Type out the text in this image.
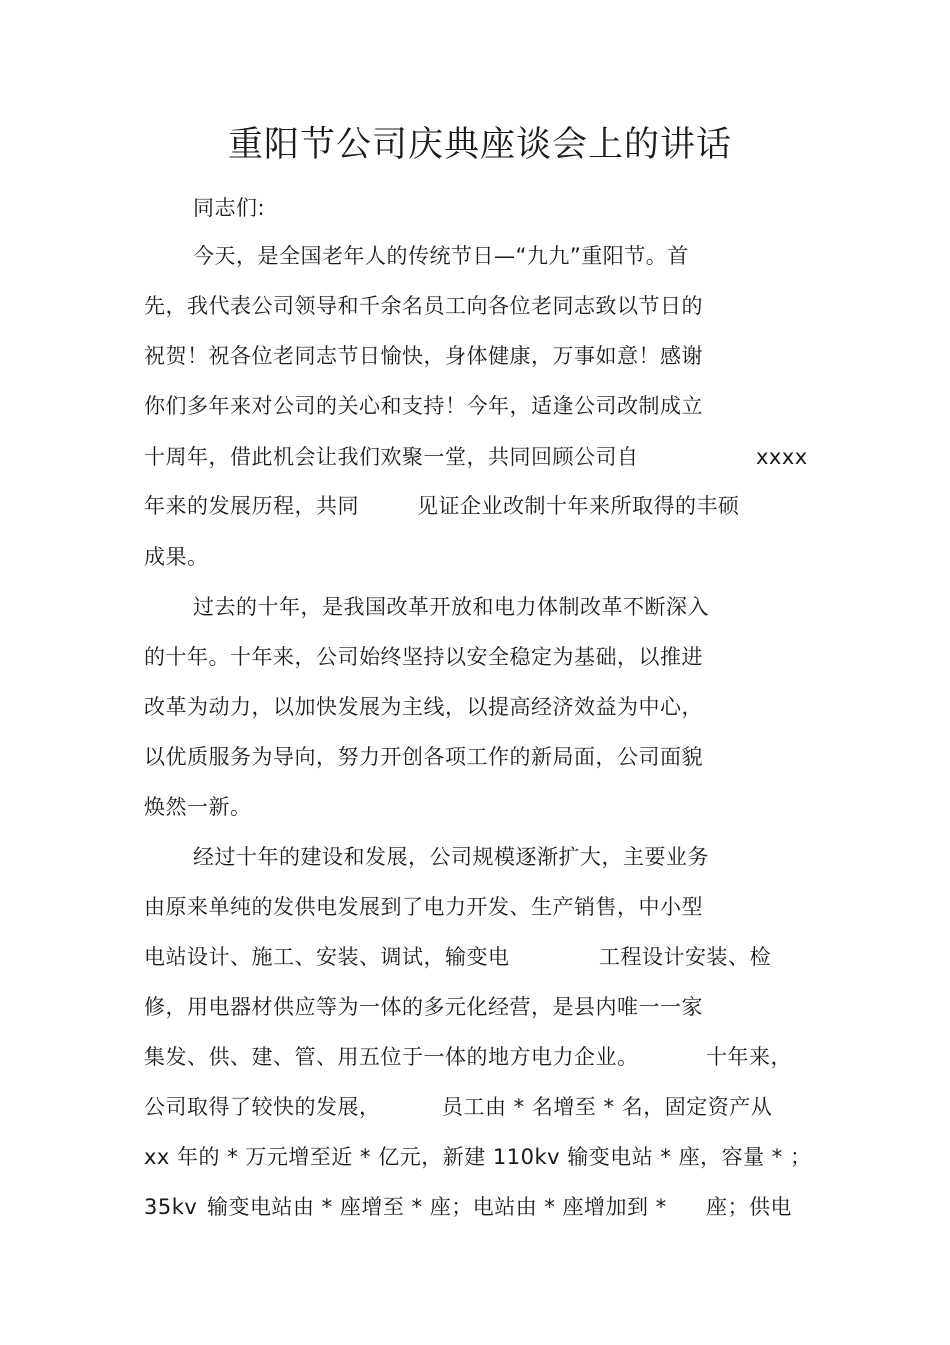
重阳节公司庆典座谈会上的讲话
同志们:
今天，是全国老年人的传统节日—“九九”重阳节。首
先，我代表公司领导和千余名员工向各位老同志致以节日的
祝贺！祝各位老同志节日愉快，身体健康，万事如意！感谢
你们多年来对公司的关心和支持！今年，适逢公司改制成立
十周年，借此机会让我们欢聚一堂，共同回顾公司自	xxxx
年来的发展历程，共同	见证企业改制十年来所取得的丰硕
成果。
过去的十年，是我国改革开放和电力体制改革不断深入
的十年。十年来，公司始终坚持以安全稳定为基础，以推进
改革为动力，以加快发展为主线，以提高经济效益为中心，
以优质服务为导向，努力开创各项工作的新局面，公司面貌
焕然一新。
经过十年的建设和发展，公司规模逐渐扩大，主要业务
由原来单纯的发供电发展到了电力开发、生产销售，中小型
电站设计、施工、安装、调试，输变电	工程设计安装、检
修，用电器材供应等为一体的多元化经营，是县内唯一一家
集发、供、建、管、用五位于一体的地方电力企业。	十年来，
公司取得了较快的发展，	员工由 * 名增至 * 名，固定资产从
xx 年的 * 万元增至近 * 亿元，新建 110kv 输变电站 * 座，容量 * ；
35kv 输变电站由 * 座增至 * 座；电站由 * 座增加到 * 座；供电
